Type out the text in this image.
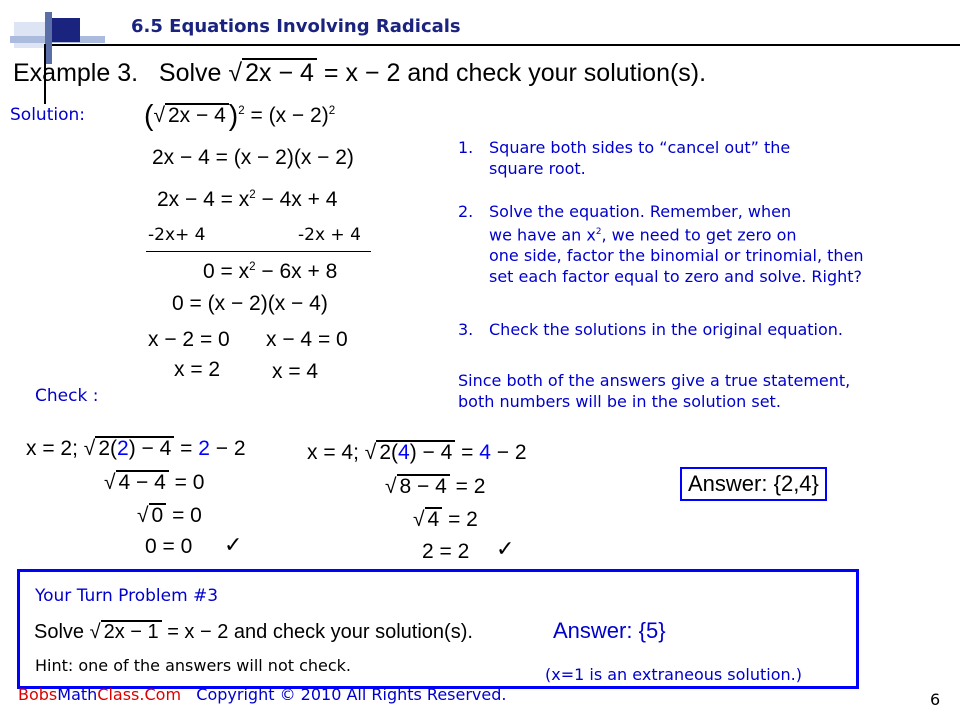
6.5 Equations Involving Radicals
Example 3. Solve √ 2x − 4 = x − 2 and check your solution(s).
Solution: (√ 2x − 4 )$^2 = (x - 2)^2$
2x − 4 = (x − 2)(x − 2)
$2x - 4 = x^2 - 4x + 4$
-2x+ 4	-2x + 4
$0 = x^2 - 6x + 8$
0 = (x − 2)(x − 4)
x − 2 = 0 x − 4 = 0
x = 2 x = 4
1. Square both sides to “cancel out” the
square root.
2. Solve the equation. Remember, when
we have an $x^2$, we need to get zero on
one side, factor the binomial or trinomial, then
set each factor equal to zero and solve. Right?
3. Check the solutions in the original equation.
Since both of the answers give a true statement,
both numbers will be in the solution set.
Check :
x = 2; √ 2(2) − 4 = 2 − 2
√ 4 − 4 = 0
√ 0 = 0
0 = 0 ✓
x = 4; √ 2(4) − 4 = 4 − 2
√ 8 − 4 = 2
√ 4 = 2
2 = 2 ✓
Answer: {2,4}
Your Turn Problem #3
Solve √ 2x − 1 = x − 2 and check your solution(s).	Answer: {5}
Hint: one of the answers will not check.	(x=1 is an extraneous solution.)
BobsMathClass.Com Copyright © 2010 All Rights Reserved.	6
